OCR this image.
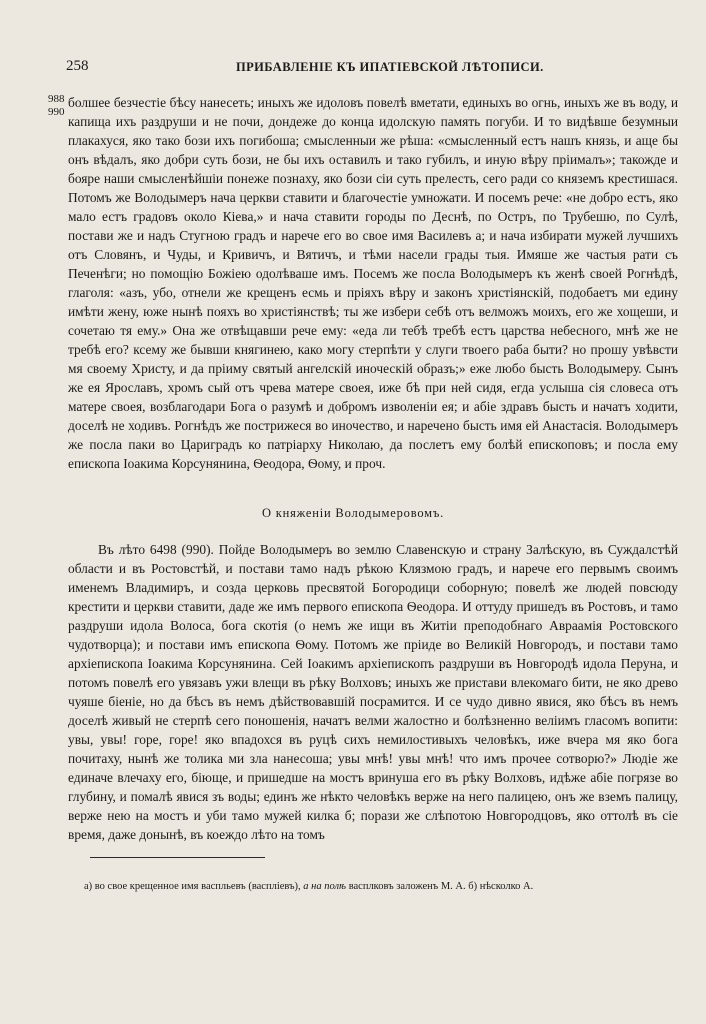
258	ПРИБАВЛЕНІЕ КЪ ИПАТІЕВСКОЙ ЛѢТОПИСИ.
988
990

болшее безчестіе бѣсу нанесеть; иныхъ же идоловъ повелѣ вметати, единыхъ во огнь, иныхъ же въ воду, и капища ихъ раздруши и не почи, дондеже до конца идолскую память погуби. И то видѣвше безумныи плакахуся, яко тако бози ихъ погибоша; смысленныи же рѣша: «смысленный естъ нашъ князь, и аще бы онъ вѣдалъ, яко добри суть бози, не бы ихъ оставилъ и тако губилъ, и иную вѣру пріималъ»; такожде и бояре наши смысленѣйшіи понеже познаху, яко бози сіи суть прелесть, сего ради со княземъ крестишася. Потомъ же Володымеръ нача церкви ставити и благочестіе умножати. И посемъ рече: «не добро естъ, яко мало естъ градовъ около Кіева,» и нача ставити городы по Деснѣ, по Остръ, по Трубешю, по Сулѣ, постави же и надъ Стугною градъ и нарече его во свое имя Василевъ а; и нача избирати мужей лучшихъ отъ Словянъ, и Чуды, и Кривичъ, и Вятичъ, и тѣми насели грады тыя. Имяше же частыя рати съ Печенѣги; но помощію Божіею одолѣваше имъ. Посемъ же посла Володымеръ къ женѣ своей Рогнѣдѣ, глаголя: «азъ, убо, отнели же крещенъ есмь и пріяхъ вѣру и законъ христіянскій, подобаетъ ми едину имѣти жену, юже нынѣ пояхъ во христіянствѣ; ты же избери себѣ отъ велможъ моихъ, его же хощеши, и сочетаю тя ему.» Она же отвѣщавши рече ему: «еда ли тебѣ требѣ естъ царства небесного, мнѣ же не требѣ его? ксему же бывши княгинею, како могу стерпѣти у слуги твоего раба быти? но прошу увѣвсти мя своему Христу, и да пріиму святый ангелскій иноческій образъ;» еже любо бысть Володымеру. Сынъ же ея Ярославъ, хромъ сый отъ чрева матере своея, иже бѣ при ней сидя, егда услыша сія словеса отъ матере своея, возблагодари Бога о разумѣ и добромъ изволеніи ея; и абіе здравъ бысть и начатъ ходити, доселѣ не ходивъ. Рогнѣдъ же пострижеся во иночество, и наречено бысть имя ей Анастасія. Володымеръ же посла паки во Цариградъ ко патріарху Николаю, да послетъ ему болѣй епископовъ; и посла ему епископа Іоакима Корсунянина, Ѳеодора, Ѳому, и проч.

О княженіи Володымеровомъ.

Въ лѣто 6498 (990). Пойде Володымеръ во землю Славенскую и страну Залѣскую, въ Суждалстѣй области и въ Ростовстѣй, и постави тамо надъ рѣкою Клязмою градъ, и нарече его первымъ своимъ именемъ Владимиръ, и созда церковь пресвятой Богородици соборную; повелѣ же людей повсюду крестити и церкви ставити, даде же имъ первого епископа Ѳеодора. И оттуду пришедъ въ Ростовъ, и тамо раздруши идола Волоса, бога скотія (о немъ же ищи въ Житіи преподобнаго Авраамія Ростовского чудотворца); и постави имъ епископа Ѳому. Потомъ же пріиде во Великій Новгородъ, и постави тамо архіепископа Іоакима Корсунянина. Сей Іоакимъ архіепископъ раздруши въ Новгородѣ идола Перуна, и потомъ повелѣ его увязавъ ужи влещи въ рѣку Волховъ; иныхъ же пристави влекомаго бити, не яко древо чуяше біеніе, но да бѣсъ въ немъ дѣйствовавшій посрамится. И се чудо дивно явися, яко бѣсъ въ немъ доселѣ живый не стерпѣ сего поношенія, начатъ велми жалостно и болѣзненно велiимъ гласомъ вопити: увы, увы! горе, горе! яко впадохся въ руцѣ сихъ немилостивыхъ человѣкъ, иже вчера мя яко бога почитаху, нынѣ же толика ми зла нанесоша; увы мнѣ! увы мнѣ! что имъ прочее сотворю?» Людіе же единаче влечаху его, біюще, и пришедше на мостъ вринуша его въ рѣку Волховъ, идѣже абіе погрязе во глубину, и помалѣ явися зъ воды; единъ же нѣкто человѣкъ верже на него палицею, онъ же вземъ палицу, верже нею на мостъ и уби тамо мужей килка б; порази же слѣпотою Новгородцовъ, яко оттолѣ въ сіе время, даже донынѣ, въ коеждо лѣто на томъ

а) во свое крещенное имя васпльевъ (васплiевъ), а на полѣ васплковъ заложенъ М. А. б) нѣсколко А.
